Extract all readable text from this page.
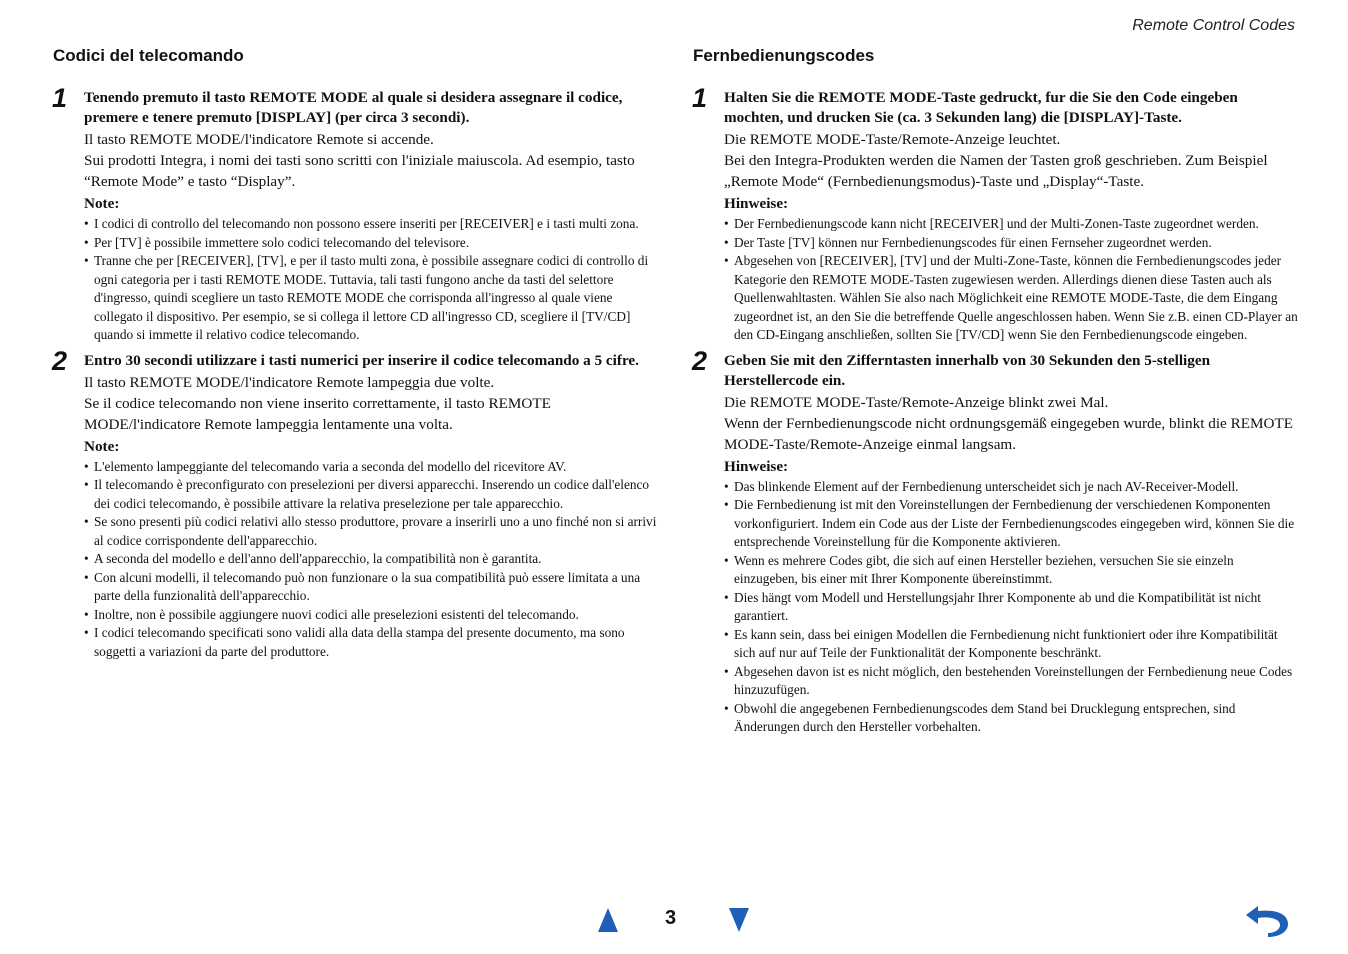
Remote Control Codes
Codici del telecomando
1 Tenendo premuto il tasto REMOTE MODE al quale si desidera assegnare il codice, premere e tenere premuto [DISPLAY] (per circa 3 secondi).

Il tasto REMOTE MODE/l'indicatore Remote si accende.

Sui prodotti Integra, i nomi dei tasti sono scritti con l'iniziale maiuscola. Ad esempio, tasto “Remote Mode” e tasto “Display”.

Note:
• I codici di controllo del telecomando non possono essere inseriti per [RECEIVER] e i tasti multi zona.
• Per [TV] è possibile immettere solo codici telecomando del televisore.
• Tranne che per [RECEIVER], [TV], e per il tasto multi zona, è possibile assegnare codici di controllo di ogni categoria per i tasti REMOTE MODE. Tuttavia, tali tasti fungono anche da tasti del selettore d'ingresso, quindi scegliere un tasto REMOTE MODE che corrisponda all'ingresso al quale viene collegato il dispositivo. Per esempio, se si collega il lettore CD all'ingresso CD, scegliere il [TV/CD] quando si immette il relativo codice telecomando.
2 Entro 30 secondi utilizzare i tasti numerici per inserire il codice telecomando a 5 cifre.

Il tasto REMOTE MODE/l'indicatore Remote lampeggia due volte.

Se il codice telecomando non viene inserito correttamente, il tasto REMOTE MODE/l'indicatore Remote lampeggia lentamente una volta.

Note:
• L'elemento lampeggiante del telecomando varia a seconda del modello del ricevitore AV.
• Il telecomando è preconfigurato con preselezioni per diversi apparecchi. Inserendo un codice dall'elenco dei codici telecomando, è possibile attivare la relativa preselezione per tale apparecchio.
• Se sono presenti più codici relativi allo stesso produttore, provare a inserirli uno a uno finché non si arrivi al codice corrispondente dell'apparecchio.
• A seconda del modello e dell'anno dell'apparecchio, la compatibilità non è garantita.
• Con alcuni modelli, il telecomando può non funzionare o la sua compatibilità può essere limitata a una parte della funzionalità dell'apparecchio.
• Inoltre, non è possibile aggiungere nuovi codici alle preselezioni esistenti del telecomando.
• I codici telecomando specificati sono validi alla data della stampa del presente documento, ma sono soggetti a variazioni da parte del produttore.
Fernbedienungscodes
1 Halten Sie die REMOTE MODE-Taste gedruckt, fur die Sie den Code eingeben mochten, und drucken Sie (ca. 3 Sekunden lang) die [DISPLAY]-Taste.

Die REMOTE MODE-Taste/Remote-Anzeige leuchtet.

Bei den Integra-Produkten werden die Namen der Tasten groß geschrieben. Zum Beispiel „Remote Mode“ (Fernbedienungsmodus)-Taste und „Display“-Taste.

Hinweise:
• Der Fernbedienungscode kann nicht [RECEIVER] und der Multi-Zonen-Taste zugeordnet werden.
• Der Taste [TV] können nur Fernbedienungscodes für einen Fernseher zugeordnet werden.
• Abgesehen von [RECEIVER], [TV] und der Multi-Zone-Taste, können die Fernbedienungscodes jeder Kategorie den REMOTE MODE-Tasten zugewiesen werden. Allerdings dienen diese Tasten auch als Quellenwahltasten. Wählen Sie also nach Möglichkeit eine REMOTE MODE-Taste, die dem Eingang zugeordnet ist, an den Sie die betreffende Quelle angeschlossen haben. Wenn Sie z.B. einen CD-Player an den CD-Eingang anschließen, sollten Sie [TV/CD] wenn Sie den Fernbedienungscode eingeben.
2 Geben Sie mit den Zifferntasten innerhalb von 30 Sekunden den 5-stelligen Herstellercode ein.

Die REMOTE MODE-Taste/Remote-Anzeige blinkt zwei Mal.

Wenn der Fernbedienungscode nicht ordnungsgemäß eingegeben wurde, blinkt die REMOTE MODE-Taste/Remote-Anzeige einmal langsam.

Hinweise:
• Das blinkende Element auf der Fernbedienung unterscheidet sich je nach AV-Receiver-Modell.
• Die Fernbedienung ist mit den Voreinstellungen der Fernbedienung der verschiedenen Komponenten vorkonfiguriert. Indem ein Code aus der Liste der Fernbedienungscodes eingegeben wird, können Sie die entsprechende Voreinstellung für die Komponente aktivieren.
• Wenn es mehrere Codes gibt, die sich auf einen Hersteller beziehen, versuchen Sie sie einzeln einzugeben, bis einer mit Ihrer Komponente übereinstimmt.
• Dies hängt vom Modell und Herstellungsjahr Ihrer Komponente ab und die Kompatibilität ist nicht garantiert.
• Es kann sein, dass bei einigen Modellen die Fernbedienung nicht funktioniert oder ihre Kompatibilität sich auf nur auf Teile der Funktionalität der Komponente beschränkt.
• Abgesehen davon ist es nicht möglich, den bestehenden Voreinstellungen der Fernbedienung neue Codes hinzuzufügen.
• Obwohl die angegebenen Fernbedienungscodes dem Stand bei Drucklegung entsprechen, sind Änderungen durch den Hersteller vorbehalten.
3
